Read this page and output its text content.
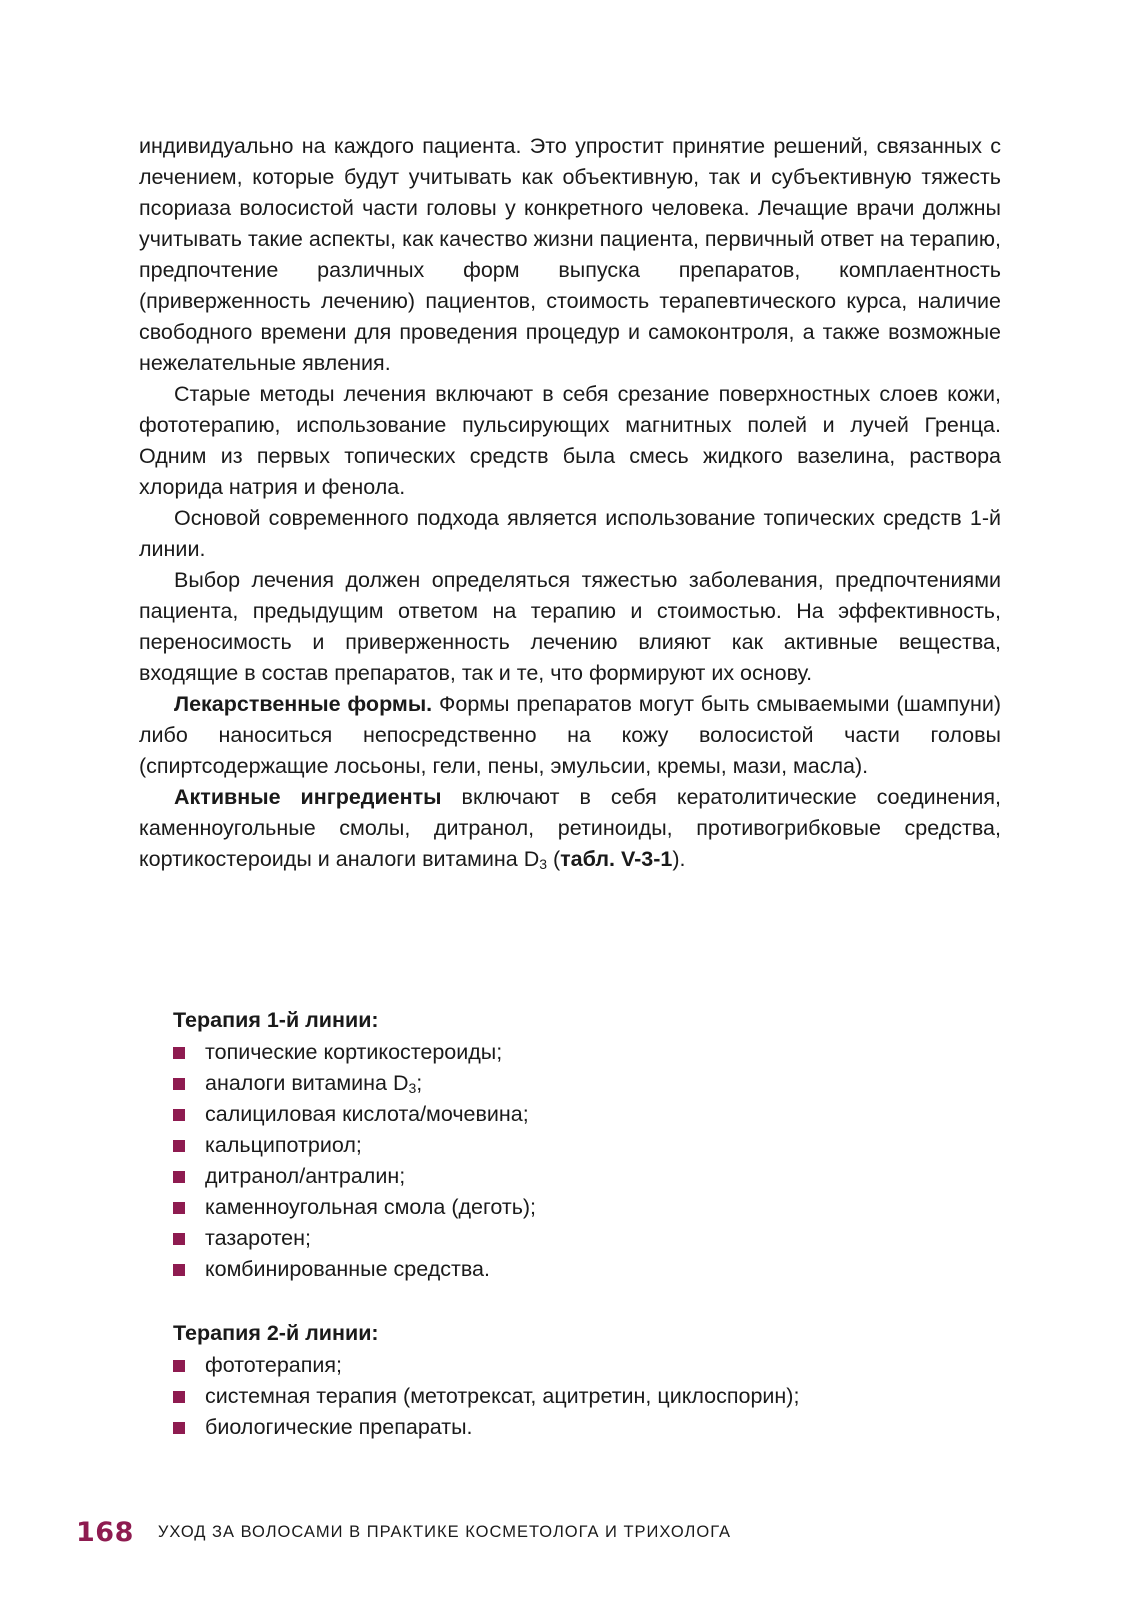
индивидуально на каждого пациента. Это упростит принятие решений, связанных с лечением, которые будут учитывать как объективную, так и субъективную тяжесть псориаза волосистой части головы у конкретного человека. Лечащие врачи должны учитывать такие аспекты, как качество жизни пациента, первичный ответ на терапию, предпочтение различных форм выпуска препаратов, комплаентность (приверженность лечению) пациентов, стоимость терапевтического курса, наличие свободного времени для проведения процедур и самоконтроля, а также возможные нежелательные явления.

Старые методы лечения включают в себя срезание поверхностных слоев кожи, фототерапию, использование пульсирующих магнитных полей и лучей Гренца. Одним из первых топических средств была смесь жидкого вазелина, раствора хлорида натрия и фенола.

Основой современного подхода является использование топических средств 1-й линии.

Выбор лечения должен определяться тяжестью заболевания, предпочтениями пациента, предыдущим ответом на терапию и стоимостью. На эффективность, переносимость и приверженность лечению влияют как активные вещества, входящие в состав препаратов, так и те, что формируют их основу.

Лекарственные формы. Формы препаратов могут быть смываемыми (шампуни) либо наноситься непосредственно на кожу волосистой части головы (спиртсодержащие лосьоны, гели, пены, эмульсии, кремы, мази, масла).

Активные ингредиенты включают в себя кератолитические соединения, каменноугольные смолы, дитранол, ретиноиды, противогрибковые средства, кортикостероиды и аналоги витамина $D_3$ (табл. V-3-1).

Терапия 1-й линии:
топические кортикостероиды;
аналоги витамина $D_3$;
салициловая кислота/мочевина;
кальципотриол;
дитранол/антралин;
каменноугольная смола (деготь);
тазаротен;
комбинированные средства.
Терапия 2-й линии:
фототерапия;
системная терапия (метотрексат, ацитретин, циклоспорин);
биологические препараты.
168 УХОД ЗА ВОЛОСАМИ В ПРАКТИКЕ КОСМЕТОЛОГА И ТРИХОЛОГА
